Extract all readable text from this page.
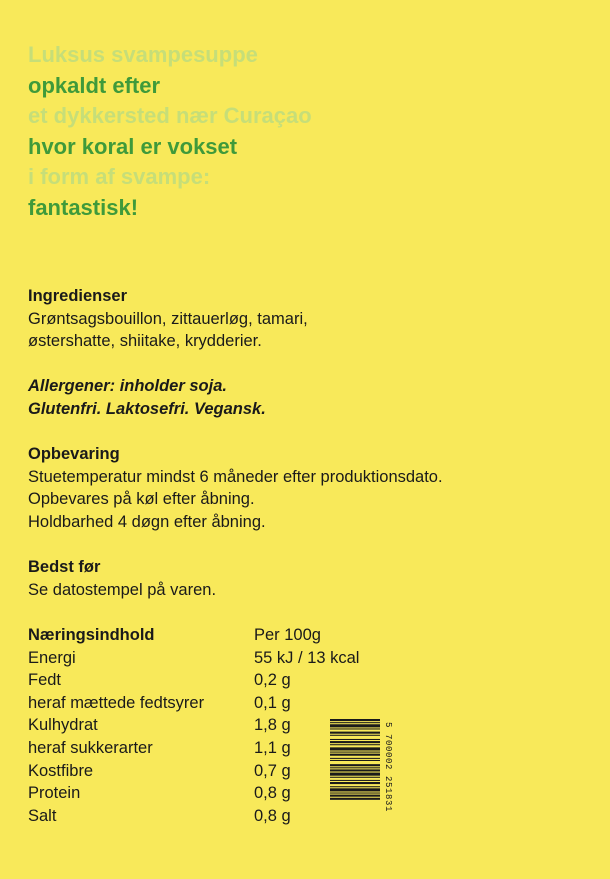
Luksus svampesuppe
opkaldt efter
et dykkersted nær Curaçao
hvor koral er vokset
i form af svampe:
fantastisk!
Ingredienser
Grøntsagsbouillon, zittauerløg, tamari,
østershatte, shiitake, krydderier.
Allergener: inholder soja.
Glutenfri. Laktosefri. Vegansk.
Opbevaring
Stuetemperatur mindst 6 måneder efter produktionsdato.
Opbevares på køl efter åbning.
Holdbarhed 4 døgn efter åbning.
Bedst før
Se datostempel på varen.
Næringsindhold	Per 100g
Energi	55 kJ / 13 kcal
Fedt	0,2 g
heraf mættede fedtsyrer	0,1 g
Kulhydrat	1,8 g
heraf sukkerarter	1,1 g
Kostfibre	0,7 g
Protein	0,8 g
Salt	0,8 g
5 700002 251831
